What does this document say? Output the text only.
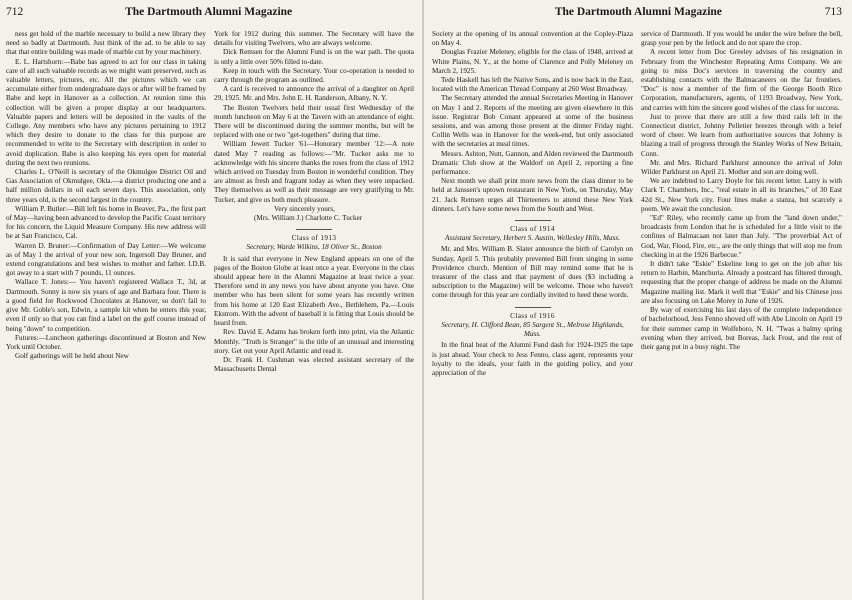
712	The Dartmouth Alumni Magazine

ness get hold of the marble necessary to build a new library they need so badly at Dartmouth. Just think of the ad. to be able to say that that entire building was made of marble cut by your machinery.

E. L. Hartshorn:—Babe has agreed to act for our class in taking care of all such valuable records as we might want preserved, such as valuable letters, pictures, etc. All the pictures which we can accumulate either from undergraduate days or after will be framed by Babe and kept in Hanover as a collection. At reunion time this collection will be given a proper display at our headquarters. Valuable papers and letters will be deposited in the vaults of the College. Any members who have any pictures pertaining to 1912 which they desire to donate to the class for this purpose are recommended to write to the Secretary with description in order to avoid duplication. Babe is also keeping his eyes open for material during the next two reunions.

Charles L. O'Neill is secretary of the Okmulgee District Oil and Gas Association of Okmulgee, Okla.—a district producing one and a half million dollars in oil each seven days. This association, only three years old, is the second largest in the country.

William P. Butler:—Bill left his home in Beaver, Pa., the first part of May—having been advanced to develop the Pacific Coast territory for his concern, the Liquid Measure Company. His new address will be at San Francisco, Cal.

Warren D. Bruner:—Confirmation of Day Letter:—We welcome as of May 1 the arrival of your new son, Ingersoll Day Bruner, and extend congratulations and best wishes to mother and father. I.D.B. got away to a start with 7 pounds, 11 ounces.

Wallace T. Jones:— You haven't registered Wallace T., 3d, at Dartmouth. Sonny is now six years of age and Barbara four. There is a good field for Rockwood Chocolates at Hanover, so don't fail to give Mr. Goble's son, Edwin, a sample kit when he enters this year, even if only so that you can find a label on the golf course instead of being "down" to competition.

Futures:—Luncheon gatherings discontinued at Boston and New York until October.

Golf gatherings will be held about New

York for 1912 during this summer. The Secretary will have the details for visiting Twelvers, who are always welcome.

Dick Remsen for the Alumni Fund is on the war path. The quota is only a little over 50% filled to-date.

Keep in touch with the Secretary. Your co-operation is needed to carry through the program as outlined.

A card is received to announce the arrival of a daughter on April 29, 1925. Mr. and Mrs. John E. H. Randerson, Albany, N. Y.

The Boston Twelvers held their usual first Wednesday of the month luncheon on May 6 at the Tavern with an attendance of eight. There will be discontinued during the summer months, but will be replaced with one or two "get-togethers" during that time.

William Jewett Tucker '61—Honorary member '12:—A note dated May 7 reading as follows:—"Mr. Tucker asks me to acknowledge with his sincere thanks the roses from the class of 1912 which arrived on Tuesday from Boston in wonderful condition. They are almost as fresh and fragrant today as when they were unpacked. They themselves as well as their message are very gratifying to Mr. Tucker, and give us both much pleasure.

Very sincerely yours,

(Mrs. William J.) Charlotte C. Tucker

Class of 1913
Secretary, Warde Wilkins, 18 Oliver St., Boston

It is said that everyone in New England appears on one of the pages of the Boston Globe at least once a year. Everyone in the class should appear here in the Alumni Magazine at least twice a year. Therefore send in any news you have about anyone you have. One member who has been silent for some years has recently written from his home at 120 East Elizabeth Ave., Bethlehem, Pa.—Louis Ekstrom. With the advent of baseball it is fitting that Louis should be heard from.

Rev. David E. Adams has broken forth into print, via the Atlantic Monthly. "Truth is Stranger" is the title of an unusual and interesting story. Get out your April Atlantic and read it.

Dr. Frank H. Cushman was elected assistant secretary of the Massachusetts Dental

The Dartmouth Alumni Magazine	713

Society at the opening of its annual convention at the Copley-Plaza on May 4.

Douglas Frazier Meleney, eligible for the class of 1948, arrived at White Plains, N. Y., at the home of Clarence and Polly Meleney on March 2, 1925.

Tede Haskell has left the Native Sons, and is now back in the East, located with the American Thread Company at 260 West Broadway.

The Secretary attended the annual Secretaries Meeting in Hanover on May 1 and 2. Reports of the meeting are given elsewhere in this issue. Registrar Bob Conant appeared at some of the business sessions, and was among those present at the dinner Friday night. Collin Wells was in Hanover for the week-end, but only associated with the secretaries at meal times.

Messrs. Ashton, Nutt, Gannon, and Alden reviewed the Dartmouth Dramatic Club show at the Waldorf on April 2, reporting a fine performance.

Next month we shall print more news from the class dinner to be held at Janssen's uptown restaurant in New York, on Thursday, May 21. Jack Remsen urges all Thirteeners to attend these New York dinners. Let's have some news from the South and West.

Class of 1914
Assistant Secretary, Herbert S. Austin, Wellesley Hills, Mass.

Mr. and Mrs. William B. Slater announce the birth of Carolyn on Sunday, April 5. This probably prevented Bill from singing in some Providence church. Mention of Bill may remind some that he is treasurer of the class and that payment of dues ($3 including a subscription to the Magazine) will be welcome. Those who haven't come through for this year are cordially invited to heed these words.

Class of 1916
Secretary, H. Clifford Bean, 85 Sargent St., Melrose Highlands, Mass.

In the final heat of the Alumni Fund dash for 1924-1925 the tape is just ahead. Your check to Jess Fenno, class agent, represents your loyalty to the ideals, your faith in the guiding policy, and your appreciation of the

service of Dartmouth. If you would be under the wire before the bell, grasp your pen by the fetlock and do not spare the crop.

A recent letter from Doc Greeley advises of his resignation in February from the Winchester Repeating Arms Company. We are going to miss Doc's services in traversing the country and establishing contacts with the Balmacaneers on the far frontiers. "Doc" is now a member of the firm of the George Booth Rice Corporation, manufacturers, agents, of 1193 Broadway, New York, and carries with him the sincere good wishes of the class for success.

Just to prove that there are still a few third rails left in the Connecticut district, Johnny Pelletier breezes through with a brief word of cheer. We learn from authoritative sources that Johnny is blazing a trail of progress through the Stanley Works of New Britain, Conn.

Mr. and Mrs. Richard Parkhurst announce the arrival of John Wilder Parkhurst on April 21. Mother and son are doing well.

We are indebted to Larry Doyle for his recent letter. Larry is with Clark T. Chambers, Inc., "real estate in all its branches," of 30 East 42d St., New York city. Four lines make a stanza, but scarcely a poem. We await the conclusion.

"Ed" Riley, who recently came up from the "land down under," broadcasts from London that he is scheduled for a little visit to the confines of Balmacaan not later than July. "The proverbial Act of God, War, Flood, Fire, etc., are the only things that will stop me from checking in at the 1926 Barbecue."

It didn't take "Eskie" Eskeline long to get on the job after his return to Harbin, Manchuria. Already a postcard has filtered through, requesting that the proper change of address be made on the Alumni Magazine mailing list. Mark it well that "Eskie" and his Chinese joss are also focusing on Lake Morey in June of 1926.

By way of exercising his last days of the complete independence of bachelorhood, Jess Fenno shoved off with Abe Lincoln on April 19 for their summer camp in Wolfeboro, N. H. "Twas a balmy spring evening when they arrived, but Boreas, Jack Frost, and the rest of their gang put in a busy night. The
